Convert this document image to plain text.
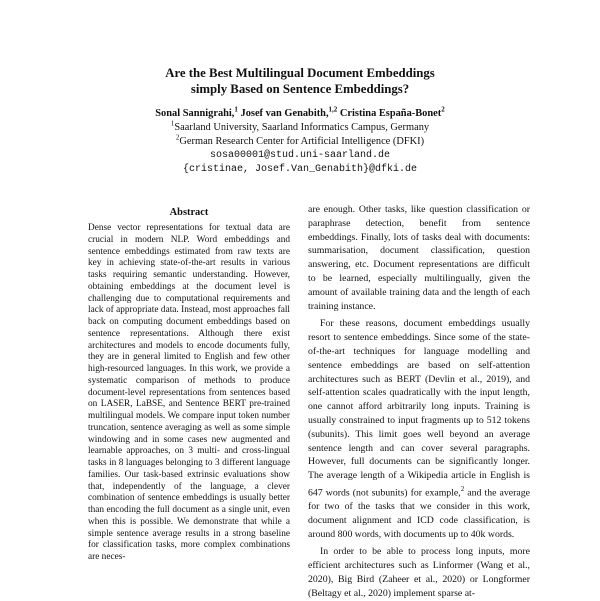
Are the Best Multilingual Document Embeddings
simply Based on Sentence Embeddings?
Sonal Sannigrahi,$^1$ Josef van Genabith,$^{1,2}$ Cristina España-Bonet$^2$
$^1$Saarland University, Saarland Informatics Campus, Germany
$^2$German Research Center for Artificial Intelligence (DFKI)
sosa00001@stud.uni-saarland.de
{cristinae, Josef.Van_Genabith}@dfki.de
Abstract

Dense vector representations for textual data are crucial in modern NLP. Word embeddings and sentence embeddings estimated from raw texts are key in achieving state-of-the-art results in various tasks requiring semantic understanding. However, obtaining embeddings at the document level is challenging due to computational requirements and lack of appropriate data. Instead, most approaches fall back on computing document embeddings based on sentence representations. Although there exist architectures and models to encode documents fully, they are in general limited to English and few other high-resourced languages. In this work, we provide a systematic comparison of methods to produce document-level representations from sentences based on LASER, LaBSE, and Sentence BERT pre-trained multilingual models. We compare input token number truncation, sentence averaging as well as some simple windowing and in some cases new augmented and learnable approaches, on 3 multi- and cross-lingual tasks in 8 languages belonging to 3 different language families. Our task-based extrinsic evaluations show that, independently of the language, a clever combination of sentence embeddings is usually better than encoding the full document as a single unit, even when this is possible. We demonstrate that while a simple sentence average results in a strong baseline for classification tasks, more complex combinations are neces-

are enough. Other tasks, like question classification or paraphrase detection, benefit from sentence embeddings. Finally, lots of tasks deal with documents: summarisation, document classification, question answering, etc. Document representations are difficult to be learned, especially multilingually, given the amount of available training data and the length of each training instance.

For these reasons, document embeddings usually resort to sentence embeddings. Since some of the state-of-the-art techniques for language modelling and sentence embeddings are based on self-attention architectures such as BERT (Devlin et al., 2019), and self-attention scales quadratically with the input length, one cannot afford arbitrarily long inputs. Training is usually constrained to input fragments up to 512 tokens (subunits). This limit goes well beyond an average sentence length and can cover several paragraphs. However, full documents can be significantly longer. The average length of a Wikipedia article in English is 647 words (not subunits) for example,$^2$ and the average for two of the tasks that we consider in this work, document alignment and ICD code classification, is around 800 words, with documents up to 40k words.

In order to be able to process long inputs, more efficient architectures such as Linformer (Wang et al., 2020), Big Bird (Zaheer et al., 2020) or Longformer (Beltagy et al., 2020) implement sparse at-
